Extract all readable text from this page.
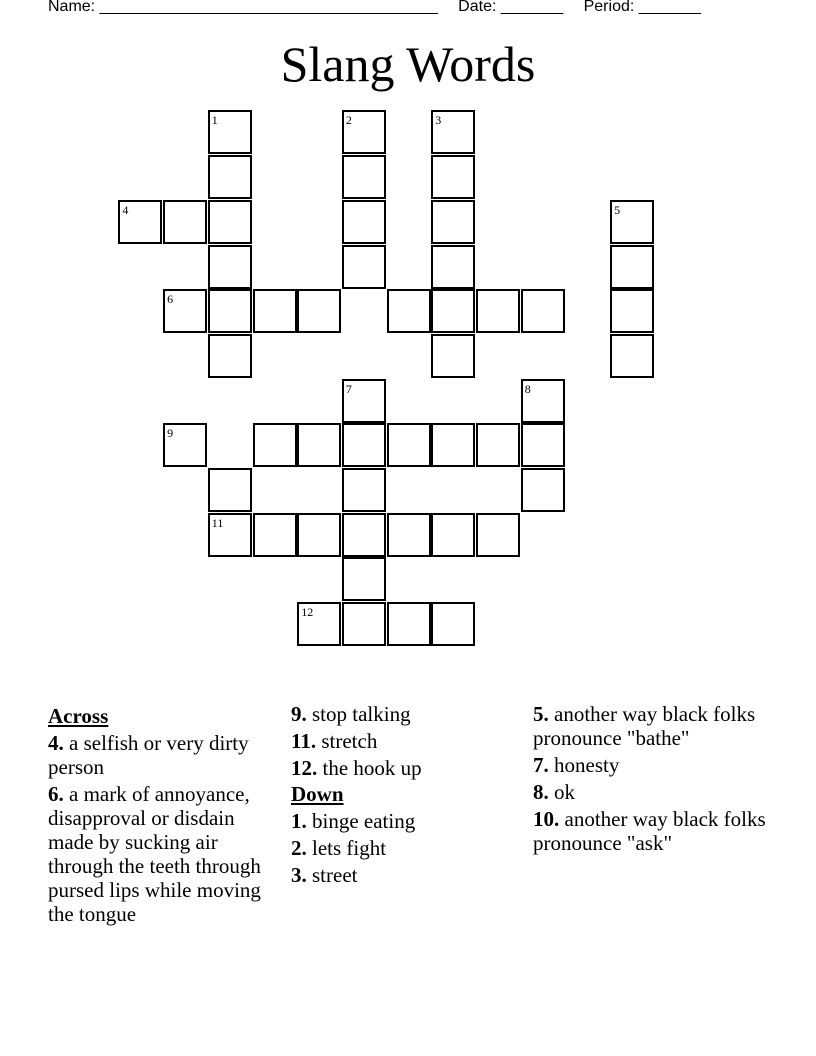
Name: ______________________________________ Date: _______ Period: _______
Slang Words
1	2	3
4
6
5
7	8
9
11
12
Across
4. a selfish or very dirty person
6. a mark of annoyance, disapproval or disdain made by sucking air through the teeth through pursed lips while moving the tongue
9. stop talking
11. stretch
12. the hook up
Down
1. binge eating
2. lets fight
3. street
5. another way black folks pronounce "bathe"
7. honesty
8. ok
10. another way black folks pronounce "ask"
